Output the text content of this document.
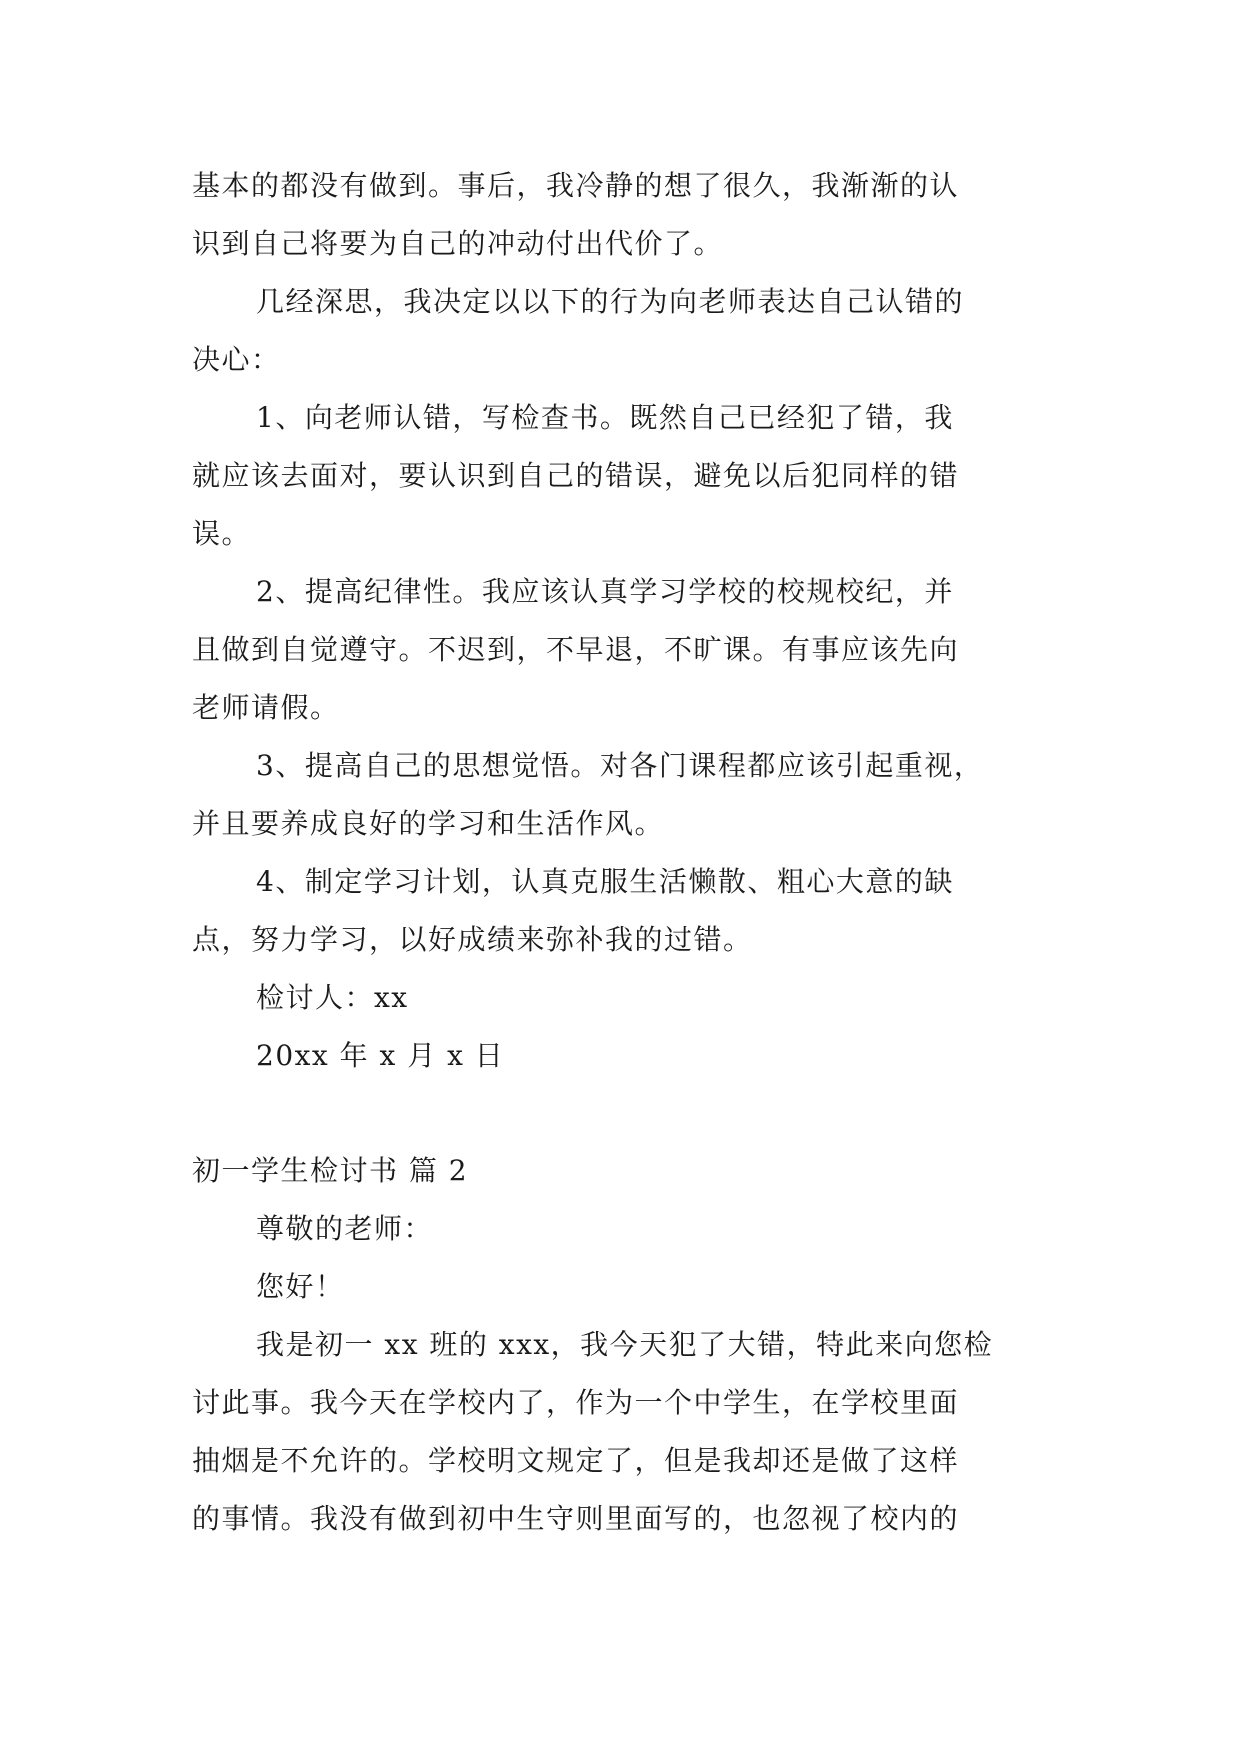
基本的都没有做到。事后，我冷静的想了很久，我渐渐的认

识到自己将要为自己的冲动付出代价了。

几经深思，我决定以以下的行为向老师表达自己认错的

决心：

1、向老师认错，写检查书。既然自己已经犯了错，我

就应该去面对，要认识到自己的错误，避免以后犯同样的错

误。

2、提高纪律性。我应该认真学习学校的校规校纪，并

且做到自觉遵守。不迟到，不早退，不旷课。有事应该先向

老师请假。

3、提高自己的思想觉悟。对各门课程都应该引起重视，

并且要养成良好的学习和生活作风。

4、制定学习计划，认真克服生活懒散、粗心大意的缺

点，努力学习，以好成绩来弥补我的过错。

检讨人：xx

20xx 年 x 月 x 日

初一学生检讨书 篇 2

尊敬的老师：

您好！

我是初一 xx 班的 xxx，我今天犯了大错，特此来向您检

讨此事。我今天在学校内了，作为一个中学生，在学校里面

抽烟是不允许的。学校明文规定了，但是我却还是做了这样

的事情。我没有做到初中生守则里面写的，也忽视了校内的
